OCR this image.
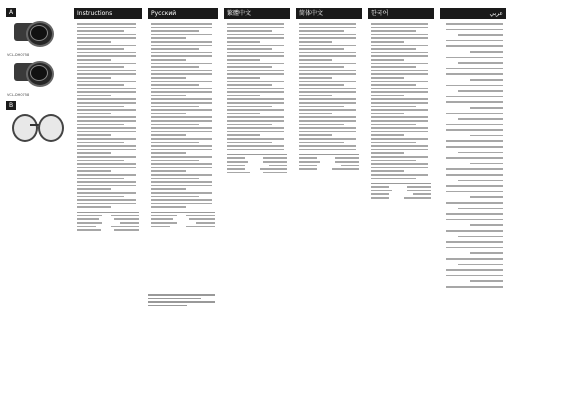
A
VCL-DH0758
VCL-DH0758
B
Instructions	Русский	繁體中文	简体中文	한국어	عربي
